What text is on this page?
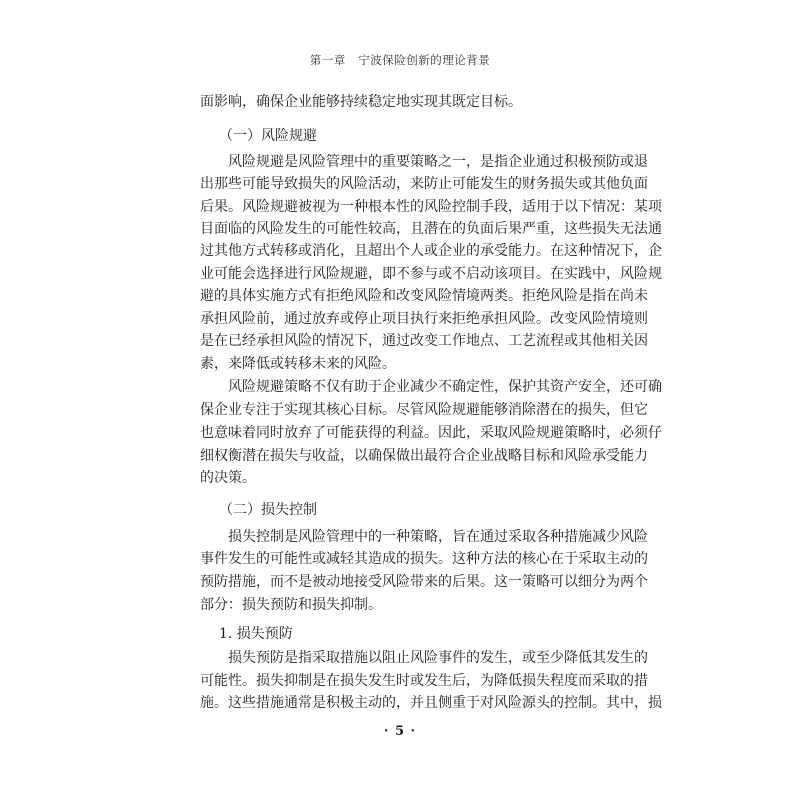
第一章   宁波保险创新的理论背景
面影响，确保企业能够持续稳定地实现其既定目标。
（一）风险规避
风险规避是风险管理中的重要策略之一，是指企业通过积极预防或退
出那些可能导致损失的风险活动，来防止可能发生的财务损失或其他负面
后果。风险规避被视为一种根本性的风险控制手段，适用于以下情况：某项
目面临的风险发生的可能性较高，且潜在的负面后果严重，这些损失无法通
过其他方式转移或消化，且超出个人或企业的承受能力。在这种情况下，企
业可能会选择进行风险规避，即不参与或不启动该项目。在实践中，风险规
避的具体实施方式有拒绝风险和改变风险情境两类。拒绝风险是指在尚未
承担风险前，通过放弃或停止项目执行来拒绝承担风险。改变风险情境则
是在已经承担风险的情况下，通过改变工作地点、工艺流程或其他相关因
素，来降低或转移未来的风险。
风险规避策略不仅有助于企业减少不确定性，保护其资产安全，还可确
保企业专注于实现其核心目标。尽管风险规避能够消除潜在的损失，但它
也意味着同时放弃了可能获得的利益。因此，采取风险规避策略时，必须仔
细权衡潜在损失与收益，以确保做出最符合企业战略目标和风险承受能力
的决策。
（二）损失控制
损失控制是风险管理中的一种策略，旨在通过采取各种措施减少风险
事件发生的可能性或减轻其造成的损失。这种方法的核心在于采取主动的
预防措施，而不是被动地接受风险带来的后果。这一策略可以细分为两个
部分：损失预防和损失抑制。
1. 损失预防
损失预防是指采取措施以阻止风险事件的发生，或至少降低其发生的
可能性。损失抑制是在损失发生时或发生后，为降低损失程度而采取的措
施。这些措施通常是积极主动的，并且侧重于对风险源头的控制。其中，损
· 5 ·
